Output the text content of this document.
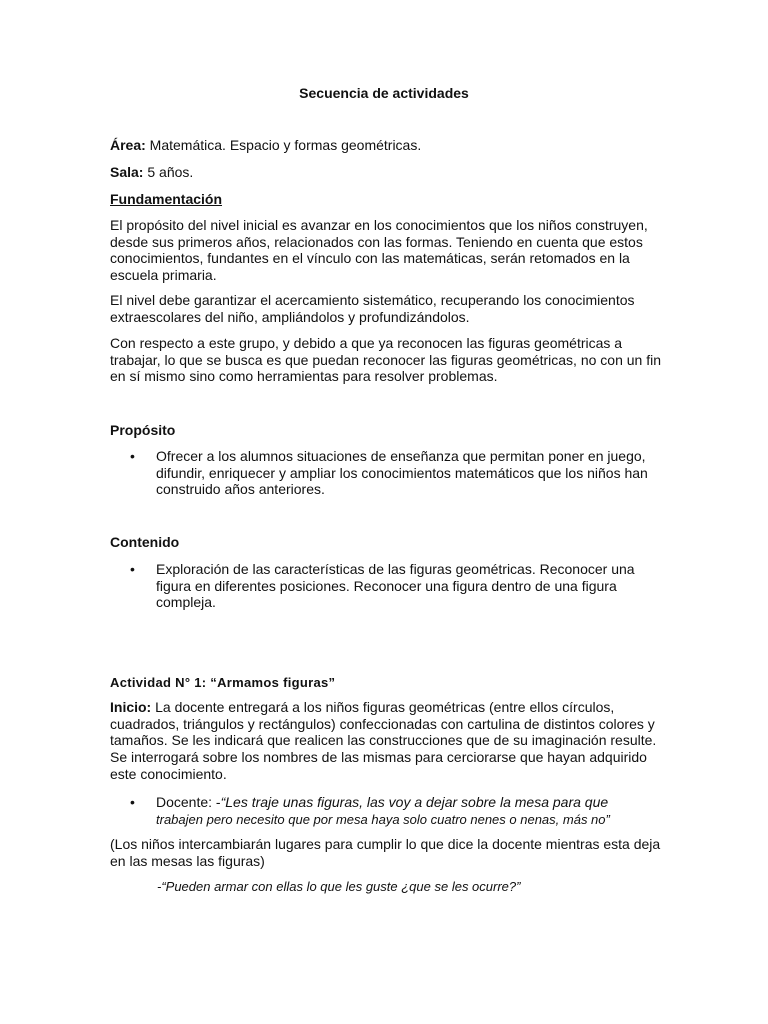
Secuencia de actividades

Área: Matemática. Espacio y formas geométricas.

Sala: 5 años.

Fundamentación

El propósito del nivel inicial es avanzar en los conocimientos que los niños construyen, desde sus primeros años, relacionados con las formas. Teniendo en cuenta que estos conocimientos, fundantes en el vínculo con las matemáticas, serán retomados en la escuela primaria.

El nivel debe garantizar el acercamiento sistemático, recuperando los conocimientos extraescolares del niño, ampliándolos y profundizándolos.

Con respecto a este grupo, y debido a que ya reconocen las figuras geométricas a trabajar, lo que se busca es que puedan reconocer las figuras geométricas, no con un fin en sí mismo sino como herramientas para resolver problemas.

Propósito

• Ofrecer a los alumnos situaciones de enseñanza que permitan poner en juego, difundir, enriquecer y ampliar los conocimientos matemáticos que los niños han construido años anteriores.

Contenido

• Exploración de las características de las figuras geométricas. Reconocer una figura en diferentes posiciones. Reconocer una figura dentro de una figura compleja.

Actividad N° 1: “Armamos figuras”

Inicio: La docente entregará a los niños figuras geométricas (entre ellos círculos, cuadrados, triángulos y rectángulos) confeccionadas con cartulina de distintos colores y tamaños. Se les indicará que realicen las construcciones que de su imaginación resulte. Se interrogará sobre los nombres de las mismas para cerciorarse que hayan adquirido este conocimiento.

• Docente: -“Les traje unas figuras, las voy a dejar sobre la mesa para que
trabajen pero necesito que por mesa haya solo cuatro nenes o nenas, más no”

(Los niños intercambiarán lugares para cumplir lo que dice la docente mientras esta deja en las mesas las figuras)

-“Pueden armar con ellas lo que les guste ¿que se les ocurre?”
